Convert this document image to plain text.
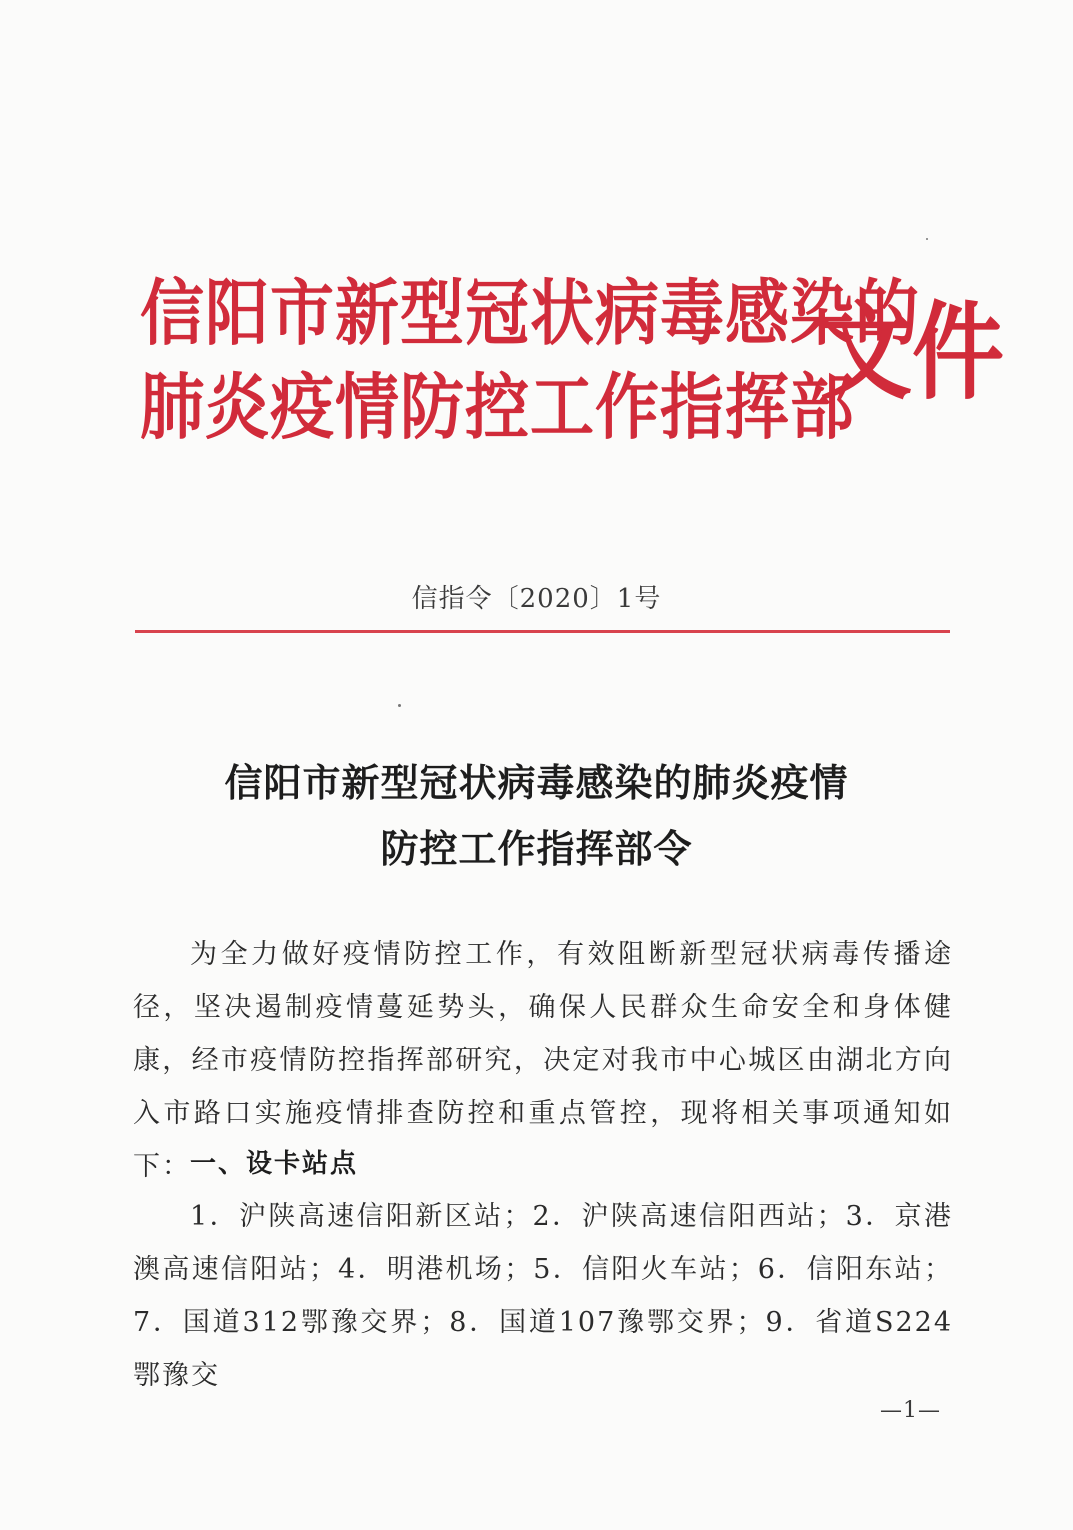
信阳市新型冠状病毒感染的
肺炎疫情防控工作指挥部
文件
信指令〔2020〕1号
信阳市新型冠状病毒感染的肺炎疫情
防控工作指挥部令
为全力做好疫情防控工作，有效阻断新型冠状病毒传播途径，坚决遏制疫情蔓延势头，确保人民群众生命安全和身体健康，经市疫情防控指挥部研究，决定对我市中心城区由湖北方向入市路口实施疫情排查防控和重点管控，现将相关事项通知如下： 一、设卡站点
1．沪陕高速信阳新区站；2．沪陕高速信阳西站；3．京港澳高速信阳站；4．明港机场；5．信阳火车站；6．信阳东站；7．国道312鄂豫交界；8．国道107豫鄂交界；9．省道S224鄂豫交
—1—
